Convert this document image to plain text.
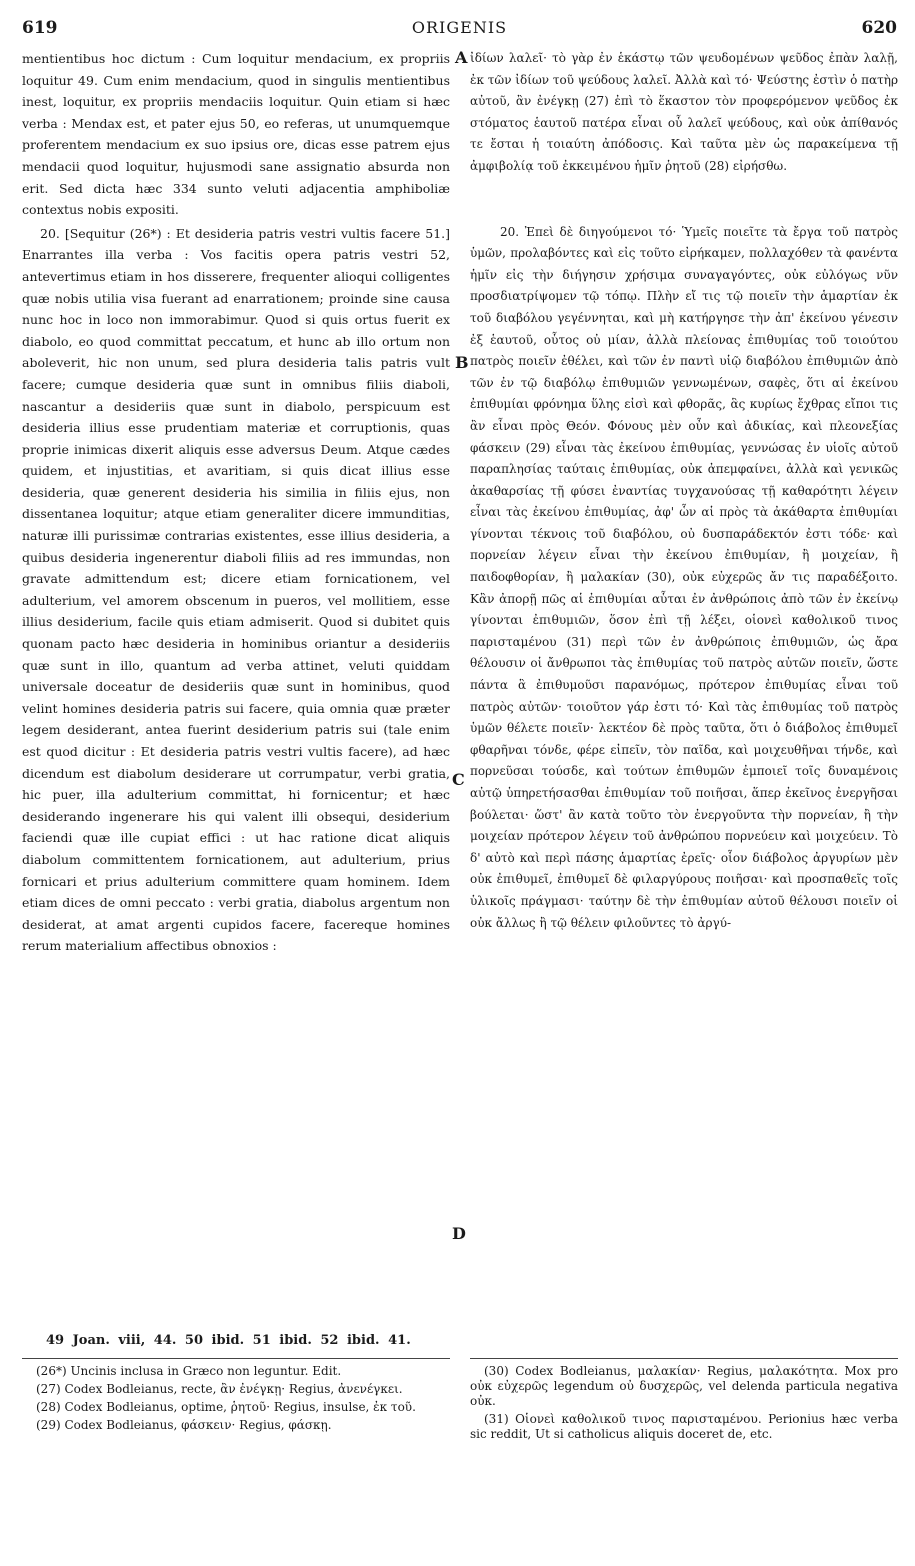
619	ORIGENIS	620

mentientibus hoc dictum : Cum loquitur mendacium, ex propriis loquitur 49. Cum enim mendacium, quod in singulis mentientibus inest, loquitur, ex propriis mendaciis loquitur. Quin etiam si hæc verba : Mendax est, et pater ejus 50, eo referas, ut unumquemque proferentem mendacium ex suo ipsius ore, dicas esse patrem ejus mendacii quod loquitur, hujusmodi sane assignatio absurda non erit. Sed dicta hæc 334 sunto veluti adjacentia amphiboliæ contextus nobis expositi.

20. [Sequitur (26*) : Et desideria patris vestri vultis facere 51.] Enarrantes illa verba : Vos facitis opera patris vestri 52, antevertimus etiam in hos disserere, frequenter alioqui colligentes quæ nobis utilia visa fuerant ad enarrationem; proinde sine causa nunc hoc in loco non immorabimur. Quod si quis ortus fuerit ex diabolo, eo quod committat peccatum, et hunc ab illo ortum non aboleverit, hic non unum, sed plura desideria talis patris vult facere; cumque desideria quæ sunt in omnibus filiis diaboli, nascantur a desideriis quæ sunt in diabolo, perspicuum est desideria illius esse prudentiam materiæ et corruptionis, quas proprie inimicas dixerit aliquis esse adversus Deum. Atque cædes quidem, et injustitias, et avaritiam, si quis dicat illius esse desideria, quæ generent desideria his similia in filiis ejus, non dissentanea loquitur; atque etiam generaliter dicere immunditias, naturæ illi purissimæ contrarias existentes, esse illius desideria, a quibus desideria ingenerentur diaboli filiis ad res immundas, non gravate admittendum est; dicere etiam fornicationem, vel adulterium, vel amorem obscenum in pueros, vel mollitiem, esse illius desiderium, facile quis etiam admiserit. Quod si dubitet quis quonam pacto hæc desideria in hominibus oriantur a desideriis quæ sunt in illo, quantum ad verba attinet, veluti quiddam universale doceatur de desideriis quæ sunt in hominibus, quod velint homines desideria patris sui facere, quia omnia quæ præter legem desiderant, antea fuerint desiderium patris sui (tale enim est quod dicitur : Et desideria patris vestri vultis facere), ad hæc dicendum est diabolum desiderare ut corrumpatur, verbi gratia, hic puer, illa adulterium committat, hi fornicentur; et hæc desiderando ingenerare his qui valent illi obsequi, desiderium faciendi quæ ille cupiat effici : ut hac ratione dicat aliquis diabolum committentem fornicationem, aut adulterium, prius fornicari et prius adulterium committere quam hominem. Idem etiam dices de omni peccato : verbi gratia, diabolus argentum non desiderat, at amat argenti cupidos facere, facereque homines rerum materialium affectibus obnoxios :

A
B
C
D

ἰδίων λαλεῖ· τὸ γὰρ ἐν ἑκάστῳ τῶν ψευδομένων ψεῦδος ἐπὰν λαλῇ, ἐκ τῶν ἰδίων τοῦ ψεύδους λαλεῖ. Ἀλλὰ καὶ τό· Ψεύστης ἐστὶν ὁ πατὴρ αὐτοῦ, ἂν ἐνέγκῃ (27) ἐπὶ τὸ ἕκαστον τὸν προφερόμενον ψεῦδος ἐκ στόματος ἑαυτοῦ πατέρα εἶναι οὗ λαλεῖ ψεύδους, καὶ οὐκ ἀπίθανός τε ἔσται ἡ τοιαύτη ἀπόδοσις. Καὶ ταῦτα μὲν ὡς παρακείμενα τῇ ἀμφιβολίᾳ τοῦ ἐκκειμένου ἡμῖν ῥητοῦ (28) εἰρήσθω.

20. Ἐπεὶ δὲ διηγούμενοι τό· Ὑμεῖς ποιεῖτε τὰ ἔργα τοῦ πατρὸς ὑμῶν, προλαβόντες καὶ εἰς τοῦτο εἰρήκαμεν, πολλαχόθεν τὰ φανέντα ἡμῖν εἰς τὴν διήγησιν χρήσιμα συναγαγόντες, οὐκ εὐλόγως νῦν προσδιατρίψομεν τῷ τόπῳ. Πλὴν εἴ τις τῷ ποιεῖν τὴν ἁμαρτίαν ἐκ τοῦ διαβόλου γεγέννηται, καὶ μὴ κατήργησε τὴν ἀπ' ἐκείνου γένεσιν ἐξ ἑαυτοῦ, οὗτος οὐ μίαν, ἀλλὰ πλείονας ἐπιθυμίας τοῦ τοιούτου πατρὸς ποιεῖν ἐθέλει, καὶ τῶν ἐν παντὶ υἱῷ διαβόλου ἐπιθυμιῶν ἀπὸ τῶν ἐν τῷ διαβόλῳ ἐπιθυμιῶν γεννωμένων, σαφὲς, ὅτι αἱ ἐκείνου ἐπιθυμίαι φρόνημα ὕλης εἰσὶ καὶ φθορᾶς, ἃς κυρίως ἔχθρας εἴποι τις ἂν εἶναι πρὸς Θεόν. Φόνους μὲν οὖν καὶ ἀδικίας, καὶ πλεονεξίας φάσκειν (29) εἶναι τὰς ἐκείνου ἐπιθυμίας, γεννώσας ἐν υἱοῖς αὐτοῦ παραπλησίας ταύταις ἐπιθυμίας, οὐκ ἀπεμφαίνει, ἀλλὰ καὶ γενικῶς ἀκαθαρσίας τῇ φύσει ἐναντίας τυγχανούσας τῇ καθαρότητι λέγειν εἶναι τὰς ἐκείνου ἐπιθυμίας, ἀφ' ὧν αἱ πρὸς τὰ ἀκάθαρτα ἐπιθυμίαι γίνονται τέκνοις τοῦ διαβόλου, οὐ δυσπαράδεκτόν ἐστι τόδε· καὶ πορνείαν λέγειν εἶναι τὴν ἐκείνου ἐπιθυμίαν, ἢ μοιχείαν, ἢ παιδοφθορίαν, ἢ μαλακίαν (30), οὐκ εὐχερῶς ἄν τις παραδέξοιτο. Κἂν ἀπορῇ πῶς αἱ ἐπιθυμίαι αὗται ἐν ἀνθρώποις ἀπὸ τῶν ἐν ἐκείνῳ γίνονται ἐπιθυμιῶν, ὅσον ἐπὶ τῇ λέξει, οἱονεὶ καθολικοῦ τινος παρισταμένου (31) περὶ τῶν ἐν ἀνθρώποις ἐπιθυμιῶν, ὡς ἄρα θέλουσιν οἱ ἄνθρωποι τὰς ἐπιθυμίας τοῦ πατρὸς αὐτῶν ποιεῖν, ὥστε πάντα ἃ ἐπιθυμοῦσι παρανόμως, πρότερον ἐπιθυμίας εἶναι τοῦ πατρὸς αὐτῶν· τοιοῦτον γάρ ἐστι τό· Καὶ τὰς ἐπιθυμίας τοῦ πατρὸς ὑμῶν θέλετε ποιεῖν· λεκτέον δὲ πρὸς ταῦτα, ὅτι ὁ διάβολος ἐπιθυμεῖ φθαρῆναι τόνδε, φέρε εἰπεῖν, τὸν παῖδα, καὶ μοιχευθῆναι τήνδε, καὶ πορνεῦσαι τούσδε, καὶ τούτων ἐπιθυμῶν ἐμποιεῖ τοῖς δυναμένοις αὐτῷ ὑπηρετήσασθαι ἐπιθυμίαν τοῦ ποιῆσαι, ἅπερ ἐκεῖνος ἐνεργῆσαι βούλεται· ὥστ' ἂν κατὰ τοῦτο τὸν ἐνεργοῦντα τὴν πορνείαν, ἢ τὴν μοιχείαν πρότερον λέγειν τοῦ ἀνθρώπου πορνεύειν καὶ μοιχεύειν. Τὸ δ' αὐτὸ καὶ περὶ πάσης ἁμαρτίας ἐρεῖς· οἷον διάβολος ἀργυρίων μὲν οὐκ ἐπιθυμεῖ, ἐπιθυμεῖ δὲ φιλαργύρους ποιῆσαι· καὶ προσπαθεῖς τοῖς ὑλικοῖς πράγμασι· ταύτην δὲ τὴν ἐπιθυμίαν αὐτοῦ θέλουσι ποιεῖν οἱ οὐκ ἄλλως ἢ τῷ θέλειν φιλοῦντες τὸ ἀργύ-

49 Joan. viii, 44. 50 ibid. 51 ibid. 52 ibid. 41.

(26*) Uncinis inclusa in Græco non leguntur. Edit.

(27) Codex Bodleianus, recte, ἂν ἐνέγκῃ· Regius, ἀνενέγκει.

(28) Codex Bodleianus, optime, ῥητοῦ· Regius, insulse, ἐκ τοῦ.

(29) Codex Bodleianus, φάσκειν· Regius, φάσκῃ.

(30) Codex Bodleianus, μαλακίαν· Regius, μαλακότητα. Mox pro οὐκ εὐχερῶς legendum οὐ δυσχερῶς, vel delenda particula negativa οὐκ.

(31) Οἱονεὶ καθολικοῦ τινος παρισταμένου. Perionius hæc verba sic reddit, Ut si catholicus aliquis doceret de, etc.
